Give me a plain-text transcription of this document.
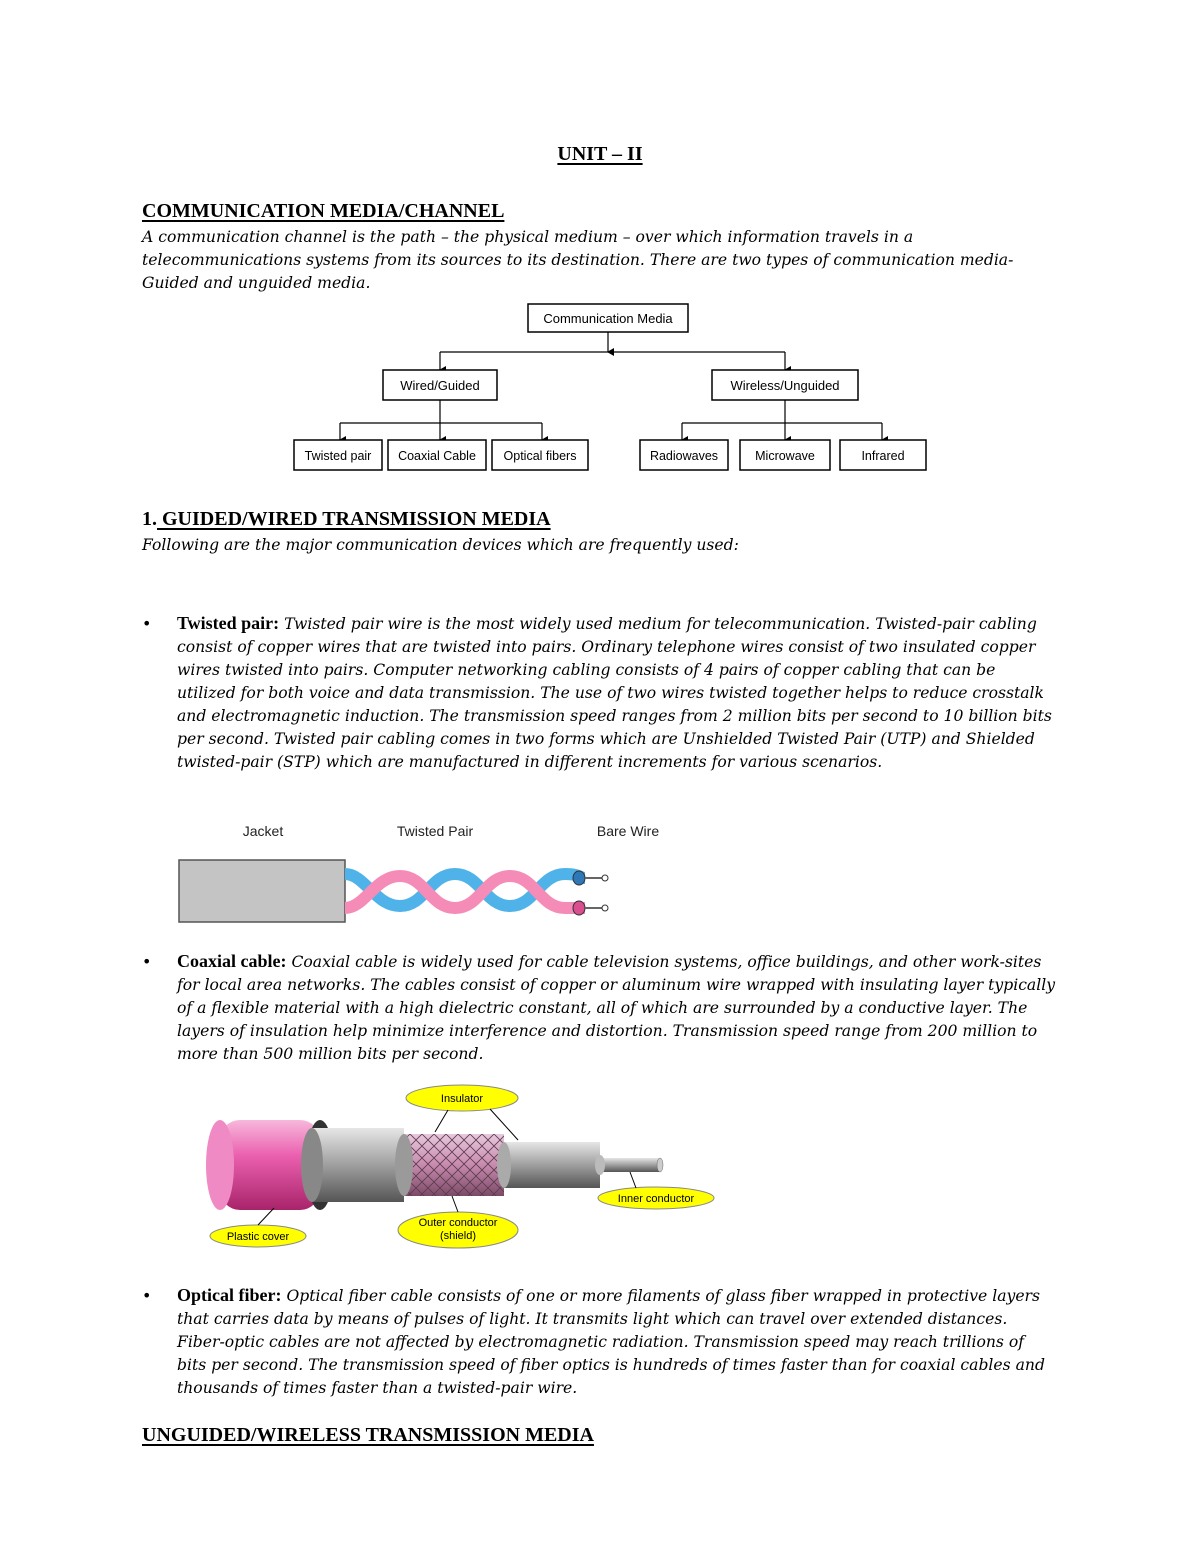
UNIT – II
COMMUNICATION MEDIA/CHANNEL
A communication channel is the path – the physical medium – over which information travels in a telecommunications systems from its sources to its destination. There are two types of communication media- Guided and unguided media.
Communication Media
Wired/Guided	Wireless/Unguided
Twisted pair Coaxial Cable Optical fibers	Radiowaves	Microwave	Infrared
1. GUIDED/WIRED TRANSMISSION MEDIA
Following are the major communication devices which are frequently used:
• Twisted pair: Twisted pair wire is the most widely used medium for telecommunication. Twisted-pair cabling consist of copper wires that are twisted into pairs. Ordinary telephone wires consist of two insulated copper wires twisted into pairs. Computer networking cabling consists of 4 pairs of copper cabling that can be utilized for both voice and data transmission. The use of two wires twisted together helps to reduce crosstalk and electromagnetic induction. The transmission speed ranges from 2 million bits per second to 10 billion bits per second. Twisted pair cabling comes in two forms which are Unshielded Twisted Pair (UTP) and Shielded twisted-pair (STP) which are manufactured in different increments for various scenarios.
Jacket	Twisted Pair	Bare Wire
• Coaxial cable: Coaxial cable is widely used for cable television systems, office buildings, and other work-sites for local area networks. The cables consist of copper or aluminum wire wrapped with insulating layer typically of a flexible material with a high dielectric constant, all of which are surrounded by a conductive layer. The layers of insulation help minimize interference and distortion. Transmission speed range from 200 million to more than 500 million bits per second.
Insulator
Inner conductor
Outer conductor
(shield)
Plastic cover
• Optical fiber: Optical fiber cable consists of one or more filaments of glass fiber wrapped in protective layers that carries data by means of pulses of light. It transmits light which can travel over extended distances. Fiber-optic cables are not affected by electromagnetic radiation. Transmission speed may reach trillions of bits per second. The transmission speed of fiber optics is hundreds of times faster than for coaxial cables and thousands of times faster than a twisted-pair wire.
UNGUIDED/WIRELESS TRANSMISSION MEDIA
